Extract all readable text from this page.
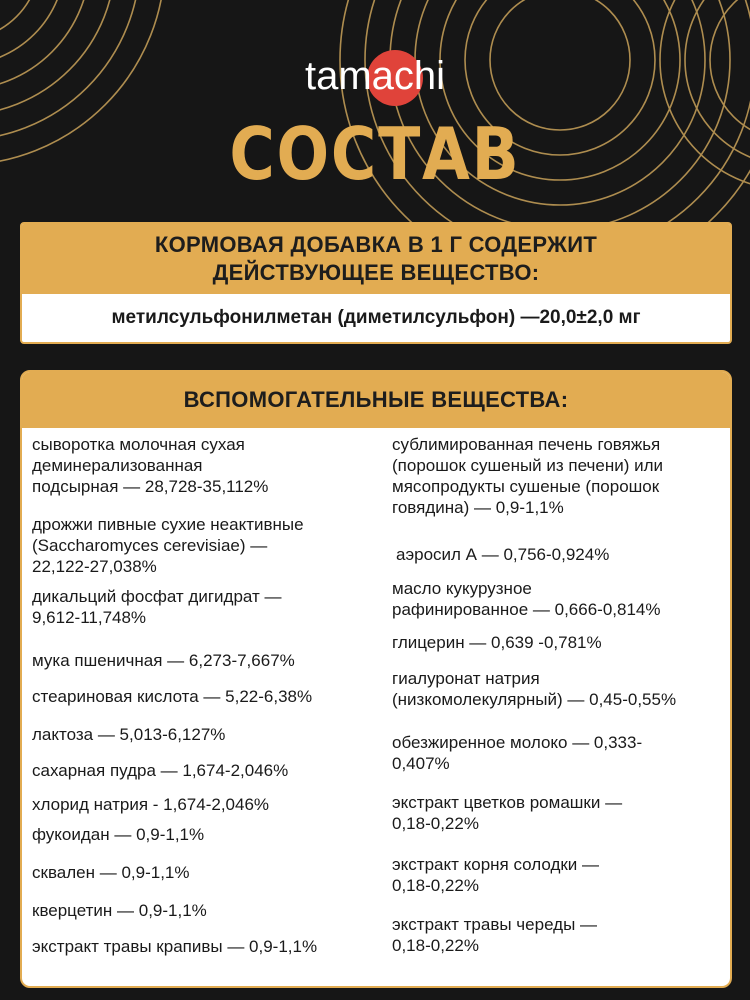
tamachi
СОСТАВ
КОРМОВАЯ ДОБАВКА В 1 Г СОДЕРЖИТ
ДЕЙСТВУЮЩЕЕ ВЕЩЕСТВО:
метилсульфонилметан (диметилсульфон) —20,0±2,0 мг
ВСПОМОГАТЕЛЬНЫЕ ВЕЩЕСТВА:
сыворотка молочная сухая
деминерализованная
подсырная — 28,728-35,112%
дрожжи пивные сухие неактивные
(Saccharomyces cerevisiae) —
22,122-27,038%
дикальций фосфат дигидрат —
9,612-11,748%
мука пшеничная — 6,273-7,667%
стеариновая кислота — 5,22-6,38%
лактоза — 5,013-6,127%
сахарная пудра — 1,674-2,046%
хлорид натрия - 1,674-2,046%
фукоидан — 0,9-1,1%
сквален — 0,9-1,1%
кверцетин — 0,9-1,1%
экстракт травы крапивы — 0,9-1,1%
сублимированная печень говяжья
(порошок сушеный из печени) или
мясопродукты сушеные (порошок
говядина) — 0,9-1,1%
аэросил А — 0,756-0,924%
масло кукурузное
рафинированное — 0,666-0,814%
глицерин — 0,639 -0,781%
гиалуронат натрия
(низкомолекулярный) — 0,45-0,55%
обезжиренное молоко — 0,333-
0,407%
экстракт цветков ромашки —
0,18-0,22%
экстракт корня солодки —
0,18-0,22%
экстракт травы череды —
0,18-0,22%
